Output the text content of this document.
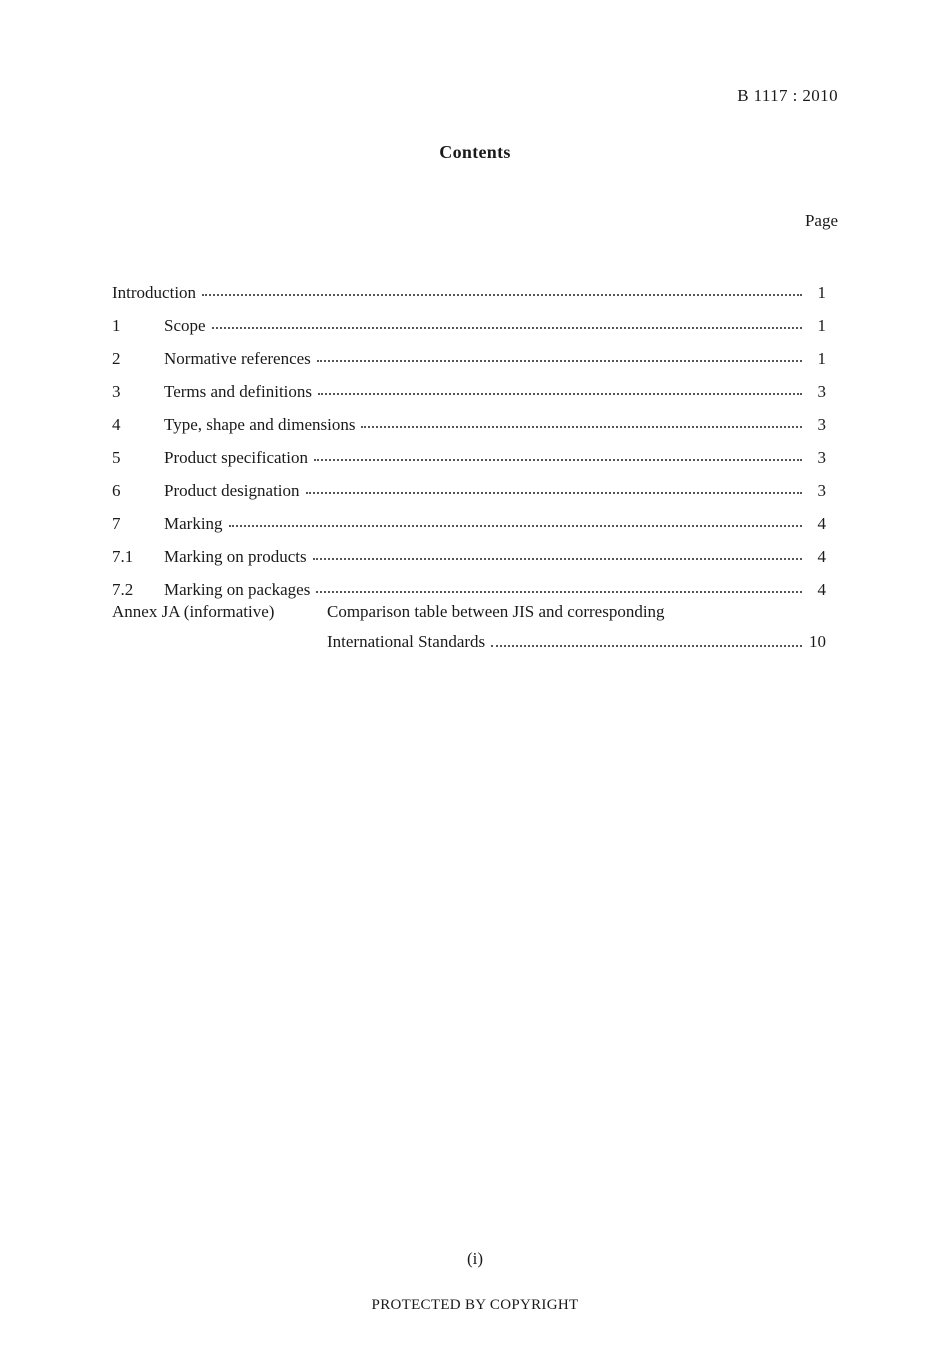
B 1117 : 2010
Contents
Page
Introduction	1
1	Scope	1
2	Normative references	1
3	Terms and definitions	3
4	Type, shape and dimensions	3
5	Product specification	3
6	Product designation	3
7	Marking	4
7.1	Marking on products	4
7.2	Marking on packages	4
Annex JA (informative)	Comparison table between JIS and corresponding
International Standards	10
(i)
PROTECTED BY COPYRIGHT
